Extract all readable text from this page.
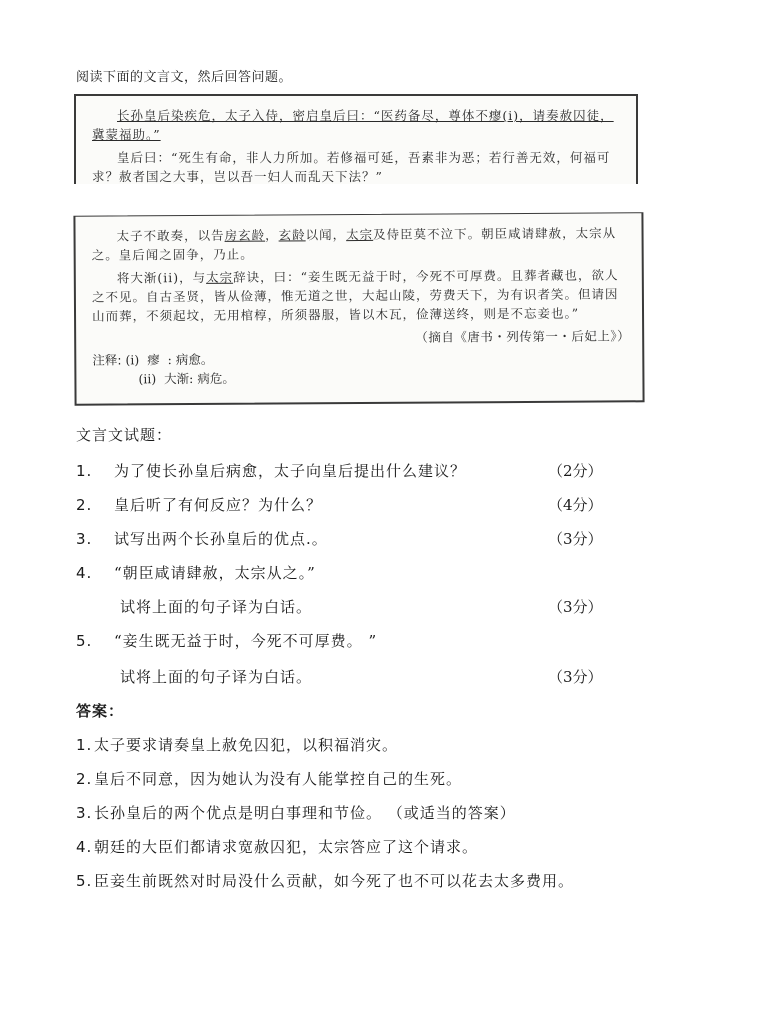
阅读下面的文言文，然后回答问题。

长孙皇后染疾危，太子入侍，密启皇后曰：“医药备尽，尊体不瘳(i)，请奏赦囚徒，冀蒙福助。”

皇后曰：“死生有命，非人力所加。若修福可延，吾素非为恶；若行善无效，何福可求？赦者国之大事，岂以吾一妇人而乱天下法？”

太子不敢奏，以告房玄龄，玄龄以闻，太宗及侍臣莫不泣下。朝臣咸请肆赦，太宗从之。皇后闻之固争，乃止。

将大渐(ii)，与太宗辞诀，曰：“妾生既无益于时，今死不可厚费。且葬者藏也，欲人之不见。自古圣贤，皆从俭薄，惟无道之世，大起山陵，劳费天下，为有识者笑。但请因山而葬，不须起坟，无用棺椁，所须器服，皆以木瓦，俭薄送终，则是不忘妾也。”

（摘自《唐书・列传第一・后妃上》）
注释: (i)  瘳  : 病愈。
(ii)  大渐: 病危。
文言文试题：
1. 为了使长孙皇后病愈，太子向皇后提出什么建议？	（2分）
2. 皇后听了有何反应？为什么？	（4分）
3. 试写出两个长孙皇后的优点.。	（3分）
4. “朝臣咸请肆赦，太宗从之。”
试将上面的句子译为白话。	（3分）
5. “妾生既无益于时，今死不可厚费。 ”
试将上面的句子译为白话。	（3分）
答案：
1. 太子要求请奏皇上赦免囚犯，以积福消灾。
2. 皇后不同意，因为她认为没有人能掌控自己的生死。
3. 长孙皇后的两个优点是明白事理和节俭。 （或适当的答案）
4. 朝廷的大臣们都请求宽赦囚犯，太宗答应了这个请求。
5. 臣妾生前既然对时局没什么贡献，如今死了也不可以花去太多费用。
